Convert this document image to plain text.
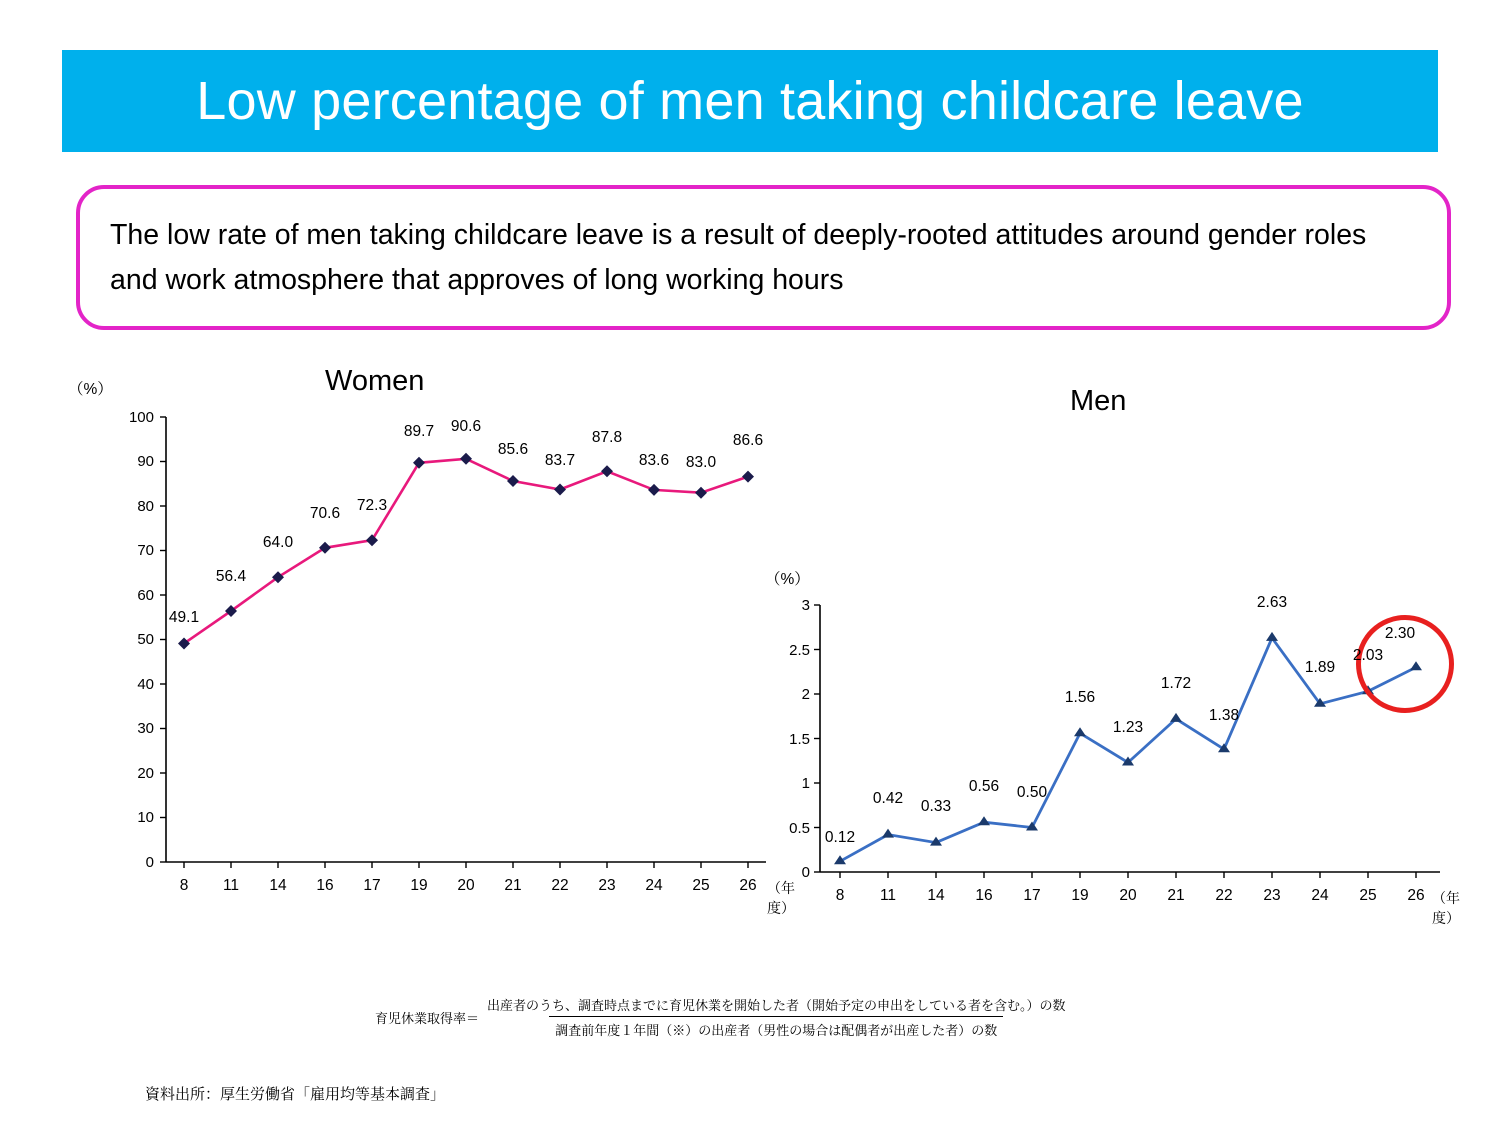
Low percentage of men taking childcare leave
The low rate of men taking childcare leave is a result of deeply-rooted attitudes around gender roles and work atmosphere that approves of long working hours
Women
（%）
100
90
80
70
60
50
40
30
20
10
0
8	11	14	16	17	19	20	21	22	23	24	25	26 （年度）
49.1
56.4
64.0
70.6	72.3
89.7	90.6
85.6
83.7
87.8
83.6	83.0
86.6
Men
（%）
3
2.5
2
1.5
1
0.5
0
8	11	14	16	17	19	20	21	22	23	24	25	26 （年度）
0.12
0.42	0.33
0.56	0.50
1.56
1.23
1.72
1.38
2.63
1.89
2.03
2.30
育児休業取得率＝ $\frac{\text{出産者のうち、調査時点までに育児休業を開始した者（開始予定の申出をしている者を含む。）の数}}{\text{調査前年度１年間（※）の出産者（男性の場合は配偶者が出産した者）の数}}$
資料出所：厚生労働省「雇用均等基本調査」
